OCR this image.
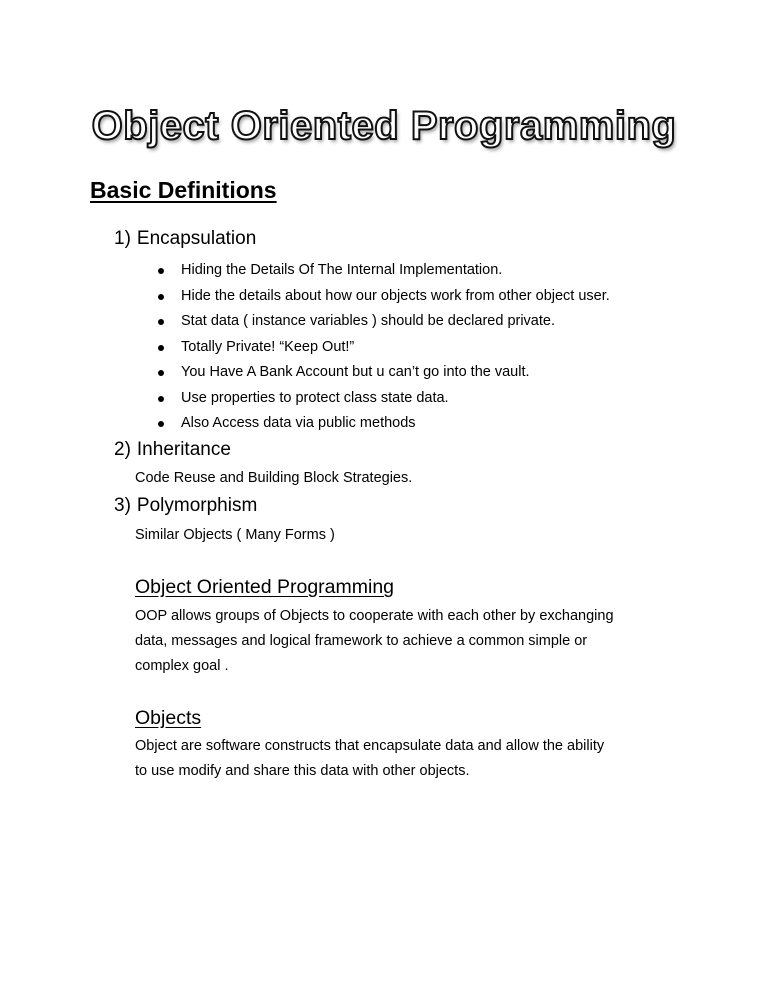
Object Oriented Programming
Basic Definitions
1) Encapsulation
Hiding the Details Of The Internal Implementation.
Hide the details about how our objects work from other object user.
Stat data ( instance variables ) should be declared private.
Totally Private! “Keep Out!”
You Have A Bank Account but u can’t go into the vault.
Use properties to protect class state data.
Also Access data via public methods
2) Inheritance
Code Reuse and Building Block Strategies.
3) Polymorphism
Similar Objects ( Many Forms )
Object Oriented Programming
OOP allows groups of Objects to cooperate with each other by exchanging
data, messages and logical framework to achieve a common simple or
complex goal .
Objects
Object are software constructs that encapsulate data and allow the ability
to use modify and share this data with other objects.
